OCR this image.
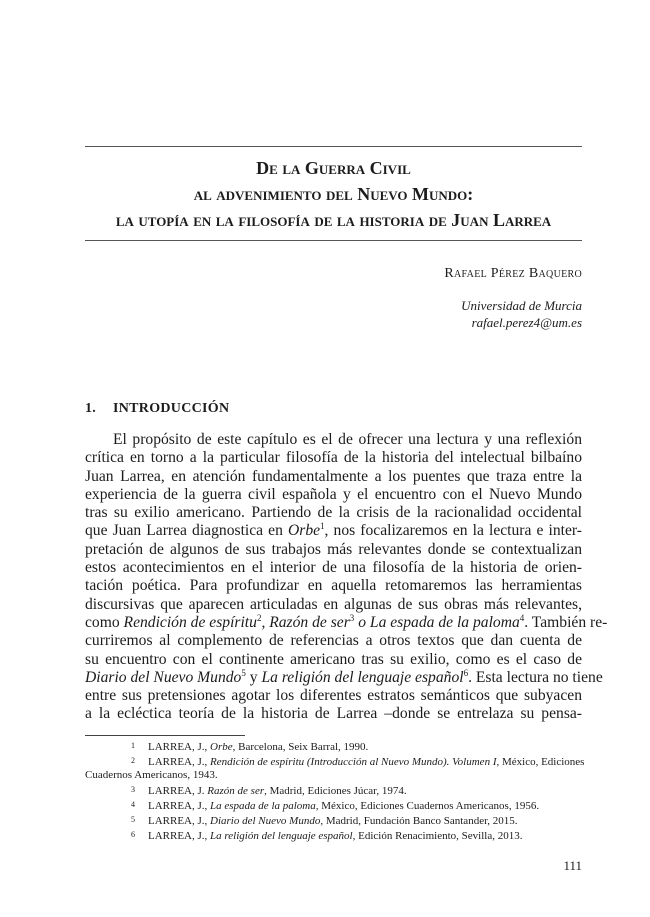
De la Guerra Civil
al advenimiento del Nuevo Mundo:
la utopía en la filosofía de la historia de Juan Larrea
Rafael Pérez Baquero
Universidad de Murcia
rafael.perez4@um.es
1. INTRODUCCIÓN
El propósito de este capítulo es el de ofrecer una lectura y una reflexión
crítica en torno a la particular filosofía de la historia del intelectual bilbaíno
Juan Larrea, en atención fundamentalmente a los puentes que traza entre la
experiencia de la guerra civil española y el encuentro con el Nuevo Mundo
tras su exilio americano. Partiendo de la crisis de la racionalidad occidental
que Juan Larrea diagnostica en Orbe$^1$, nos focalizaremos en la lectura e inter-
pretación de algunos de sus trabajos más relevantes donde se contextualizan
estos acontecimientos en el interior de una filosofía de la historia de orien-
tación poética. Para profundizar en aquella retomaremos las herramientas
discursivas que aparecen articuladas en algunas de sus obras más relevantes,
como Rendición de espíritu$^2$, Razón de ser$^3$ o La espada de la paloma$^4$. También re-
curriremos al complemento de referencias a otros textos que dan cuenta de
su encuentro con el continente americano tras su exilio, como es el caso de
Diario del Nuevo Mundo$^5$ y La religión del lenguaje español$^6$. Esta lectura no tiene
entre sus pretensiones agotar los diferentes estratos semánticos que subyacen
a la ecléctica teoría de la historia de Larrea –donde se entrelaza su pensa-
1 LARREA, J., Orbe, Barcelona, Seix Barral, 1990.
2 LARREA, J., Rendición de espíritu (Introducción al Nuevo Mundo). Volumen I, México, Ediciones
Cuadernos Americanos, 1943.
3 LARREA, J. Razón de ser, Madrid, Ediciones Júcar, 1974.
4 LARREA, J., La espada de la paloma, México, Ediciones Cuadernos Americanos, 1956.
5 LARREA, J., Diario del Nuevo Mundo, Madrid, Fundación Banco Santander, 2015.
6 LARREA, J., La religión del lenguaje español, Edición Renacimiento, Sevilla, 2013.
111
